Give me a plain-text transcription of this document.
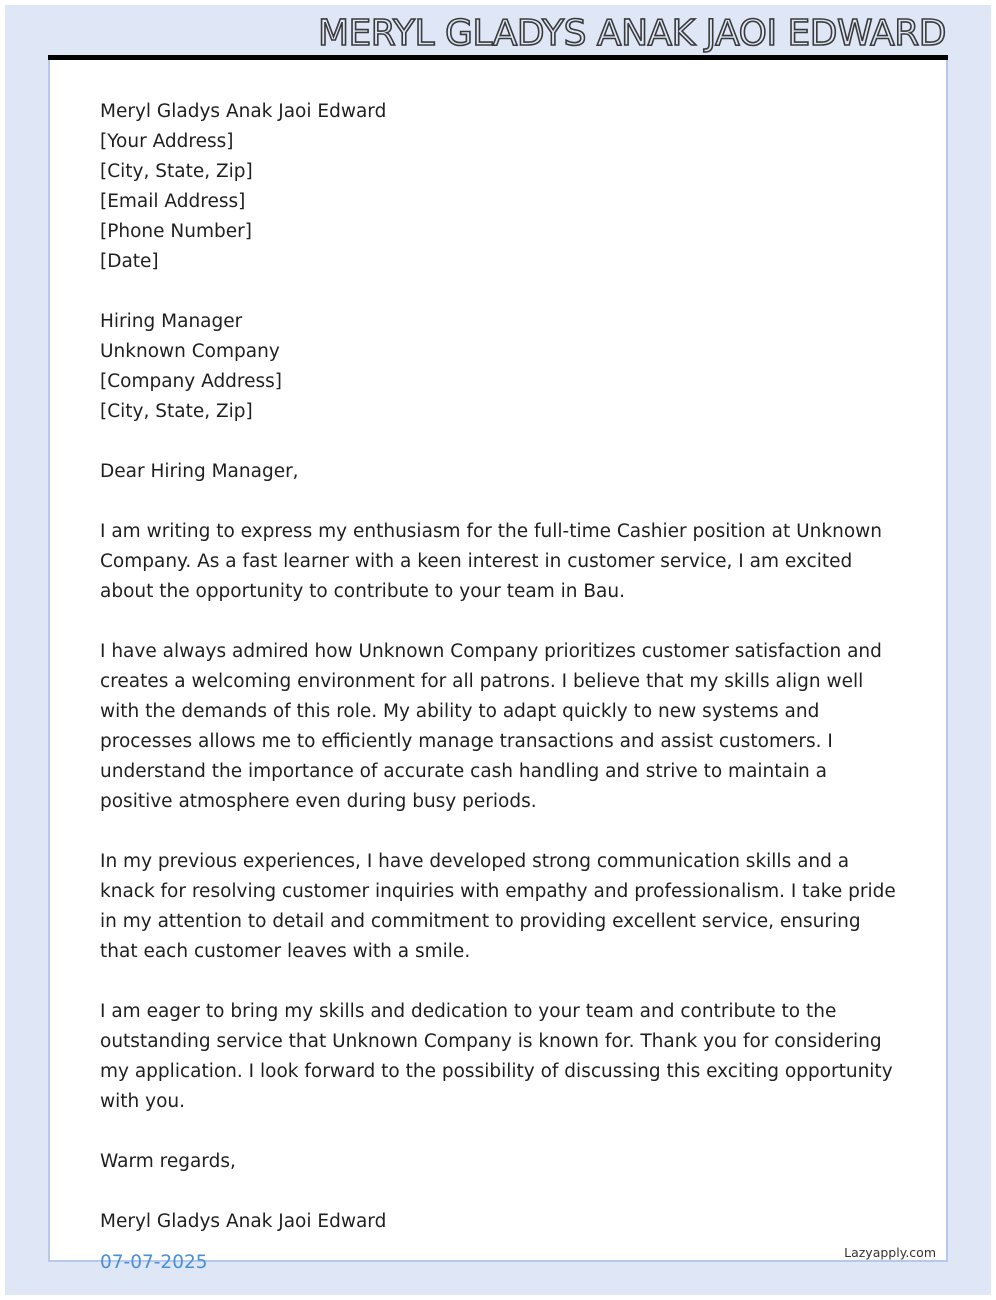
MERYL GLADYS ANAK JAOI EDWARD
Meryl Gladys Anak Jaoi Edward
[Your Address]
[City, State, Zip]
[Email Address]
[Phone Number]
[Date]
Hiring Manager
Unknown Company
[Company Address]
[City, State, Zip]
Dear Hiring Manager,

I am writing to express my enthusiasm for the full-time Cashier position at Unknown Company. As a fast learner with a keen interest in customer service, I am excited about the opportunity to contribute to your team in Bau.

I have always admired how Unknown Company prioritizes customer satisfaction and creates a welcoming environment for all patrons. I believe that my skills align well with the demands of this role. My ability to adapt quickly to new systems and processes allows me to efficiently manage transactions and assist customers. I understand the importance of accurate cash handling and strive to maintain a positive atmosphere even during busy periods.

In my previous experiences, I have developed strong communication skills and a knack for resolving customer inquiries with empathy and professionalism. I take pride in my attention to detail and commitment to providing excellent service, ensuring that each customer leaves with a smile.

I am eager to bring my skills and dedication to your team and contribute to the outstanding service that Unknown Company is known for. Thank you for considering my application. I look forward to the possibility of discussing this exciting opportunity with you.

Warm regards,
Meryl Gladys Anak Jaoi Edward
07-07-2025	Lazyapply.com
